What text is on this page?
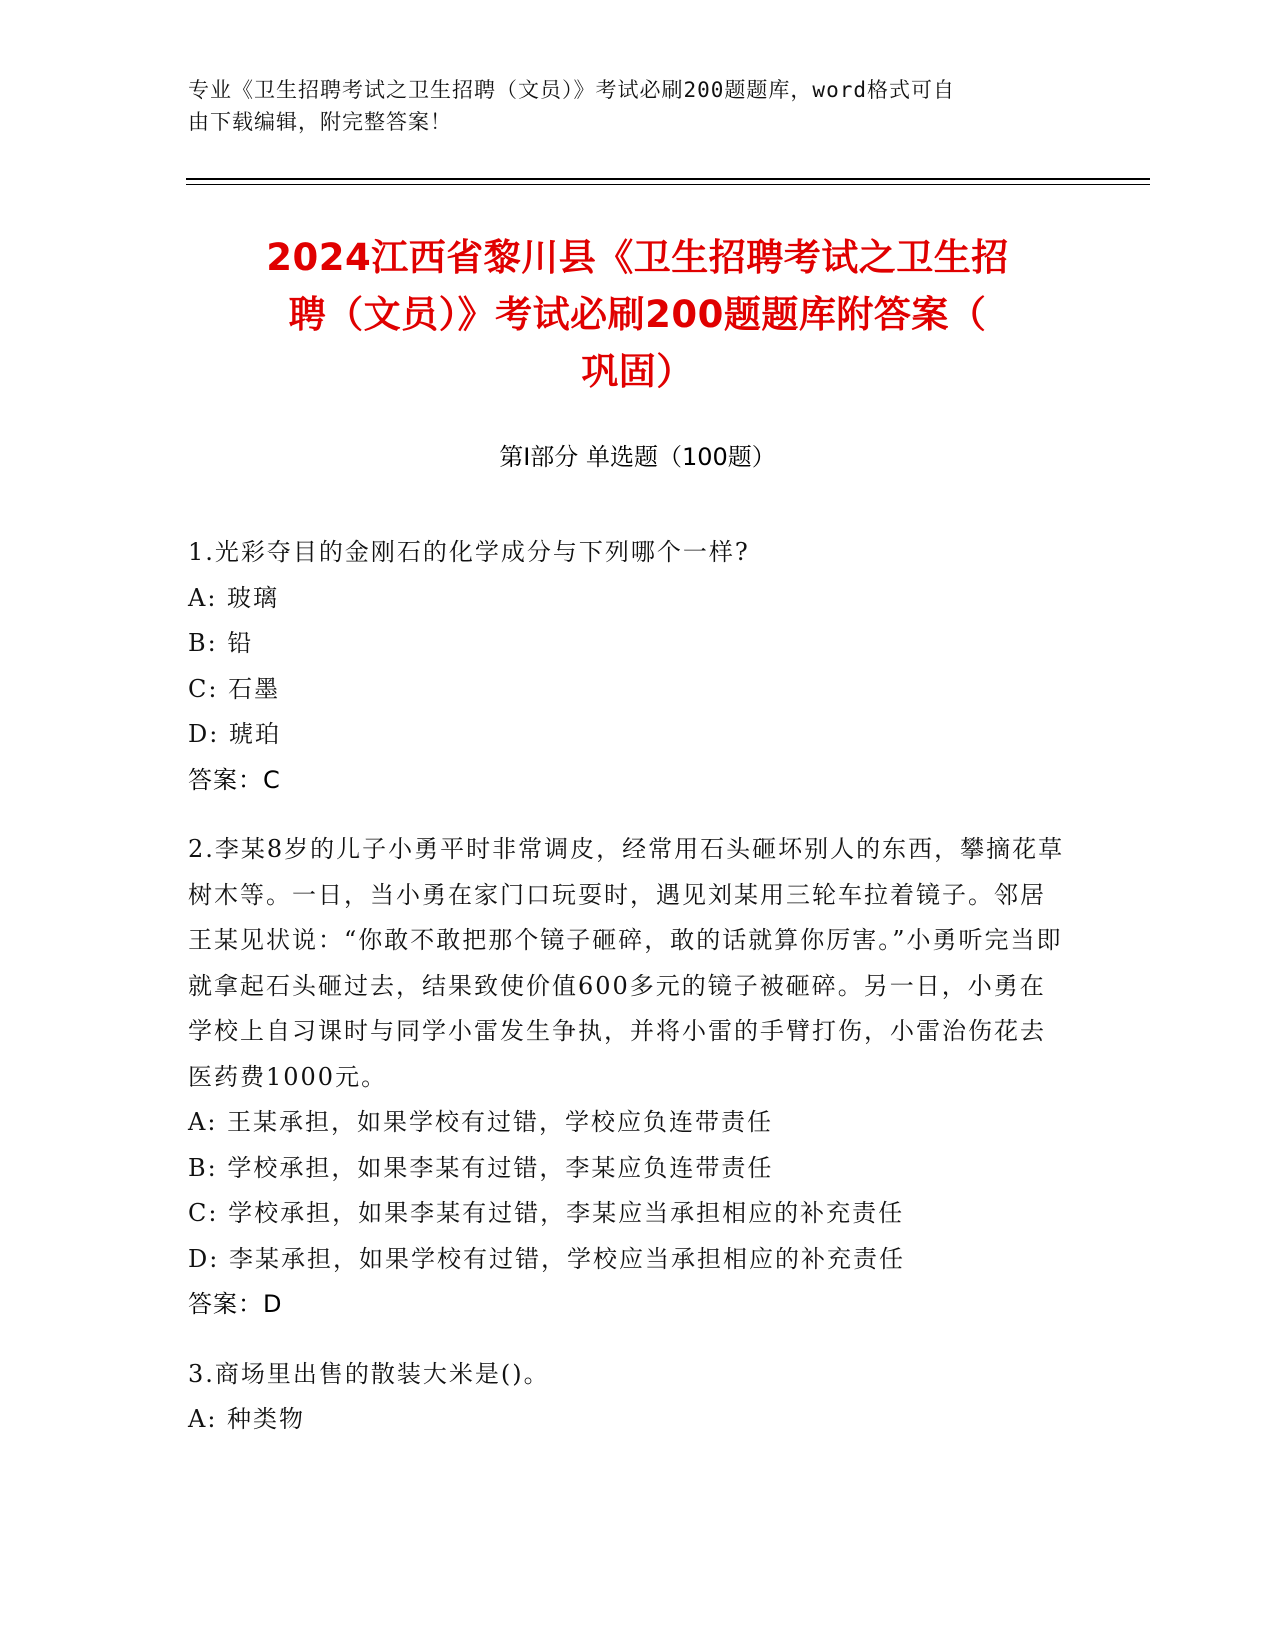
专业《卫生招聘考试之卫生招聘（文员）》考试必刷200题题库，word格式可自
由下载编辑，附完整答案！
2024江西省黎川县《卫生招聘考试之卫生招
聘（文员）》考试必刷200题题库附答案（
巩固）
第Ⅰ部分 单选题（100题）
1.光彩夺目的金刚石的化学成分与下列哪个一样?
A: 玻璃
B: 铅
C: 石墨
D: 琥珀
答案：C
2.李某8岁的儿子小勇平时非常调皮，经常用石头砸坏别人的东西，攀摘花草树木等。一日，当小勇在家门口玩耍时，遇见刘某用三轮车拉着镜子。邻居王某见状说：“你敢不敢把那个镜子砸碎，敢的话就算你厉害。”小勇听完当即就拿起石头砸过去，结果致使价值600多元的镜子被砸碎。另一日，小勇在学校上自习课时与同学小雷发生争执，并将小雷的手臂打伤，小雷治伤花去医药费1000元。
A: 王某承担，如果学校有过错，学校应负连带责任
B: 学校承担，如果李某有过错，李某应负连带责任
C: 学校承担，如果李某有过错，李某应当承担相应的补充责任
D: 李某承担，如果学校有过错，学校应当承担相应的补充责任
答案：D
3.商场里出售的散装大米是()。
A: 种类物
